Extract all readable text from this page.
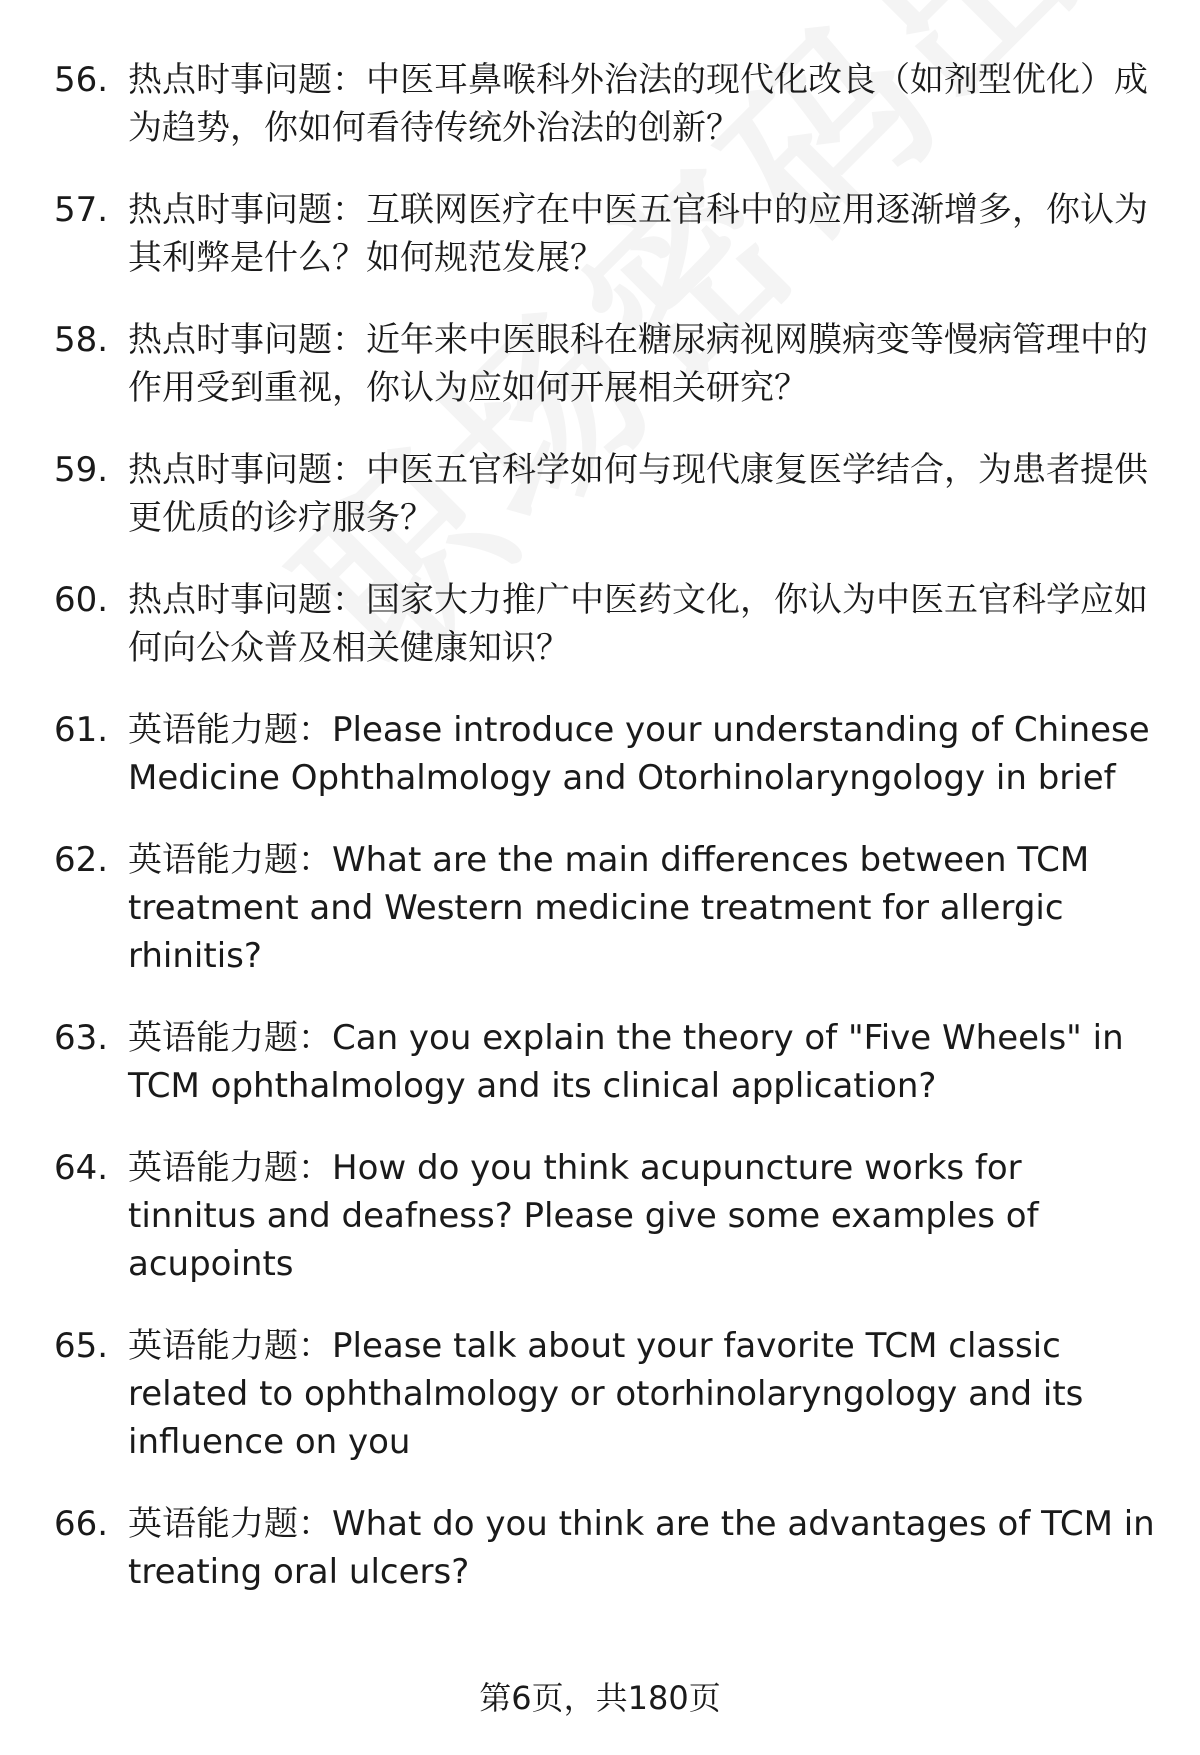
56. 热点时事问题：中医耳鼻喉科外治法的现代化改良（如剂型优化）成为趋势，你如何看待传统外治法的创新？
57. 热点时事问题：互联网医疗在中医五官科中的应用逐渐增多，你认为其利弊是什么？如何规范发展？
58. 热点时事问题：近年来中医眼科在糖尿病视网膜病变等慢病管理中的作用受到重视，你认为应如何开展相关研究？
59. 热点时事问题：中医五官科学如何与现代康复医学结合，为患者提供更优质的诊疗服务？
60. 热点时事问题：国家大力推广中医药文化，你认为中医五官科学应如何向公众普及相关健康知识？
61. 英语能力题：Please introduce your understanding of Chinese Medicine Ophthalmology and Otorhinolaryngology in brief
62. 英语能力题：What are the main differences between TCM treatment and Western medicine treatment for allergic rhinitis?
63. 英语能力题：Can you explain the theory of "Five Wheels" in TCM ophthalmology and its clinical application?
64. 英语能力题：How do you think acupuncture works for tinnitus and deafness? Please give some examples of acupoints
65. 英语能力题：Please talk about your favorite TCM classic related to ophthalmology or otorhinolaryngology and its influence on you
66. 英语能力题：What do you think are the advantages of TCM in treating oral ulcers?
第6页，共180页
